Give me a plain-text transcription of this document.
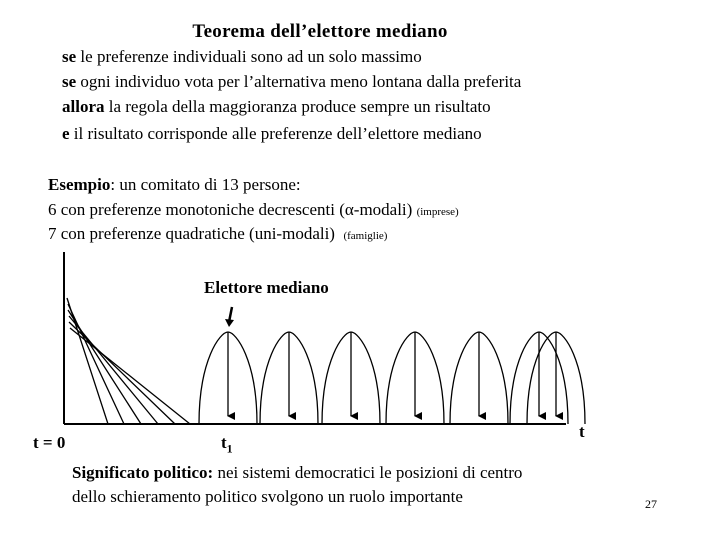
Teorema dell’elettore mediano
se le preferenze individuali sono ad un solo massimo
se ogni individuo vota per l’alternativa meno lontana dalla preferita
allora la regola della maggioranza produce sempre un risultato
e il risultato corrisponde alle preferenze dell’elettore mediano
Esempio: un comitato di 13 persone:
6 con preferenze monotoniche decrescenti (α-modali) (imprese)
7 con preferenze quadratiche (uni-modali) (famiglie)
Elettore mediano
t = 0	$t_1$
t
Significato politico: nei sistemi democratici le posizioni di centro
dello schieramento politico svolgono un ruolo importante	27
